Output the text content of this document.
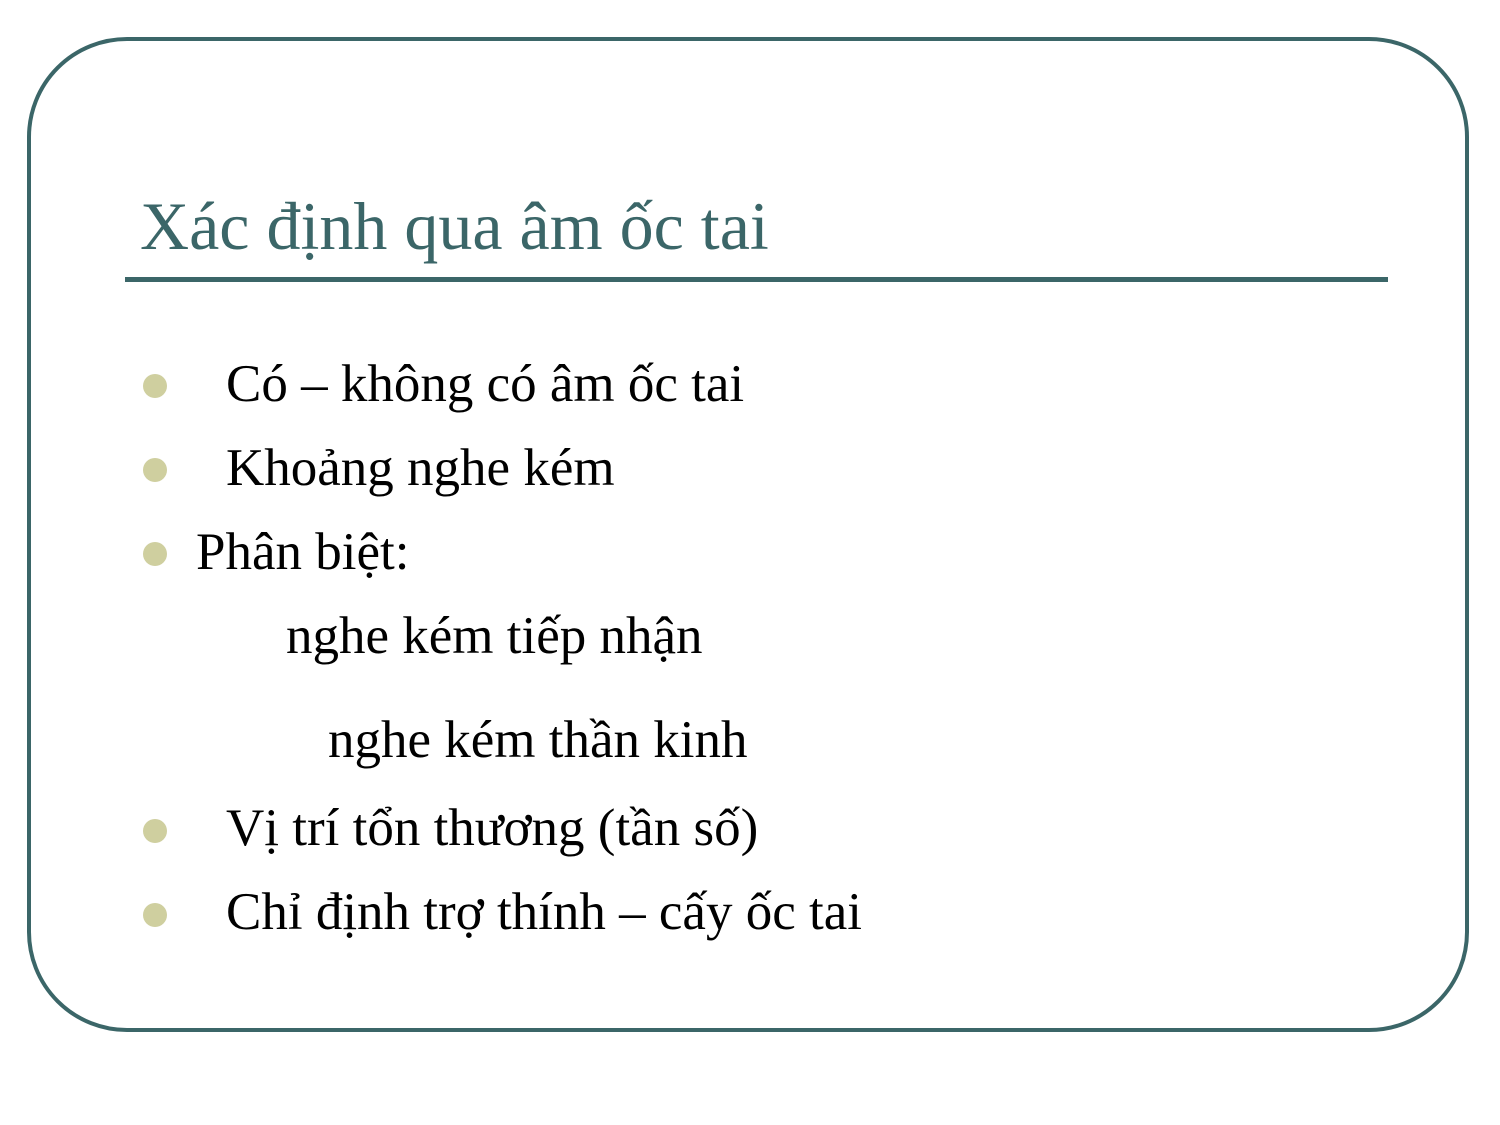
Xác định qua âm ốc tai
Có – không có âm ốc tai
Khoảng nghe kém
Phân biệt:
nghe kém tiếp nhận
nghe kém thần kinh
Vị trí tổn thương (tần số)
Chỉ định trợ thính – cấy ốc tai
